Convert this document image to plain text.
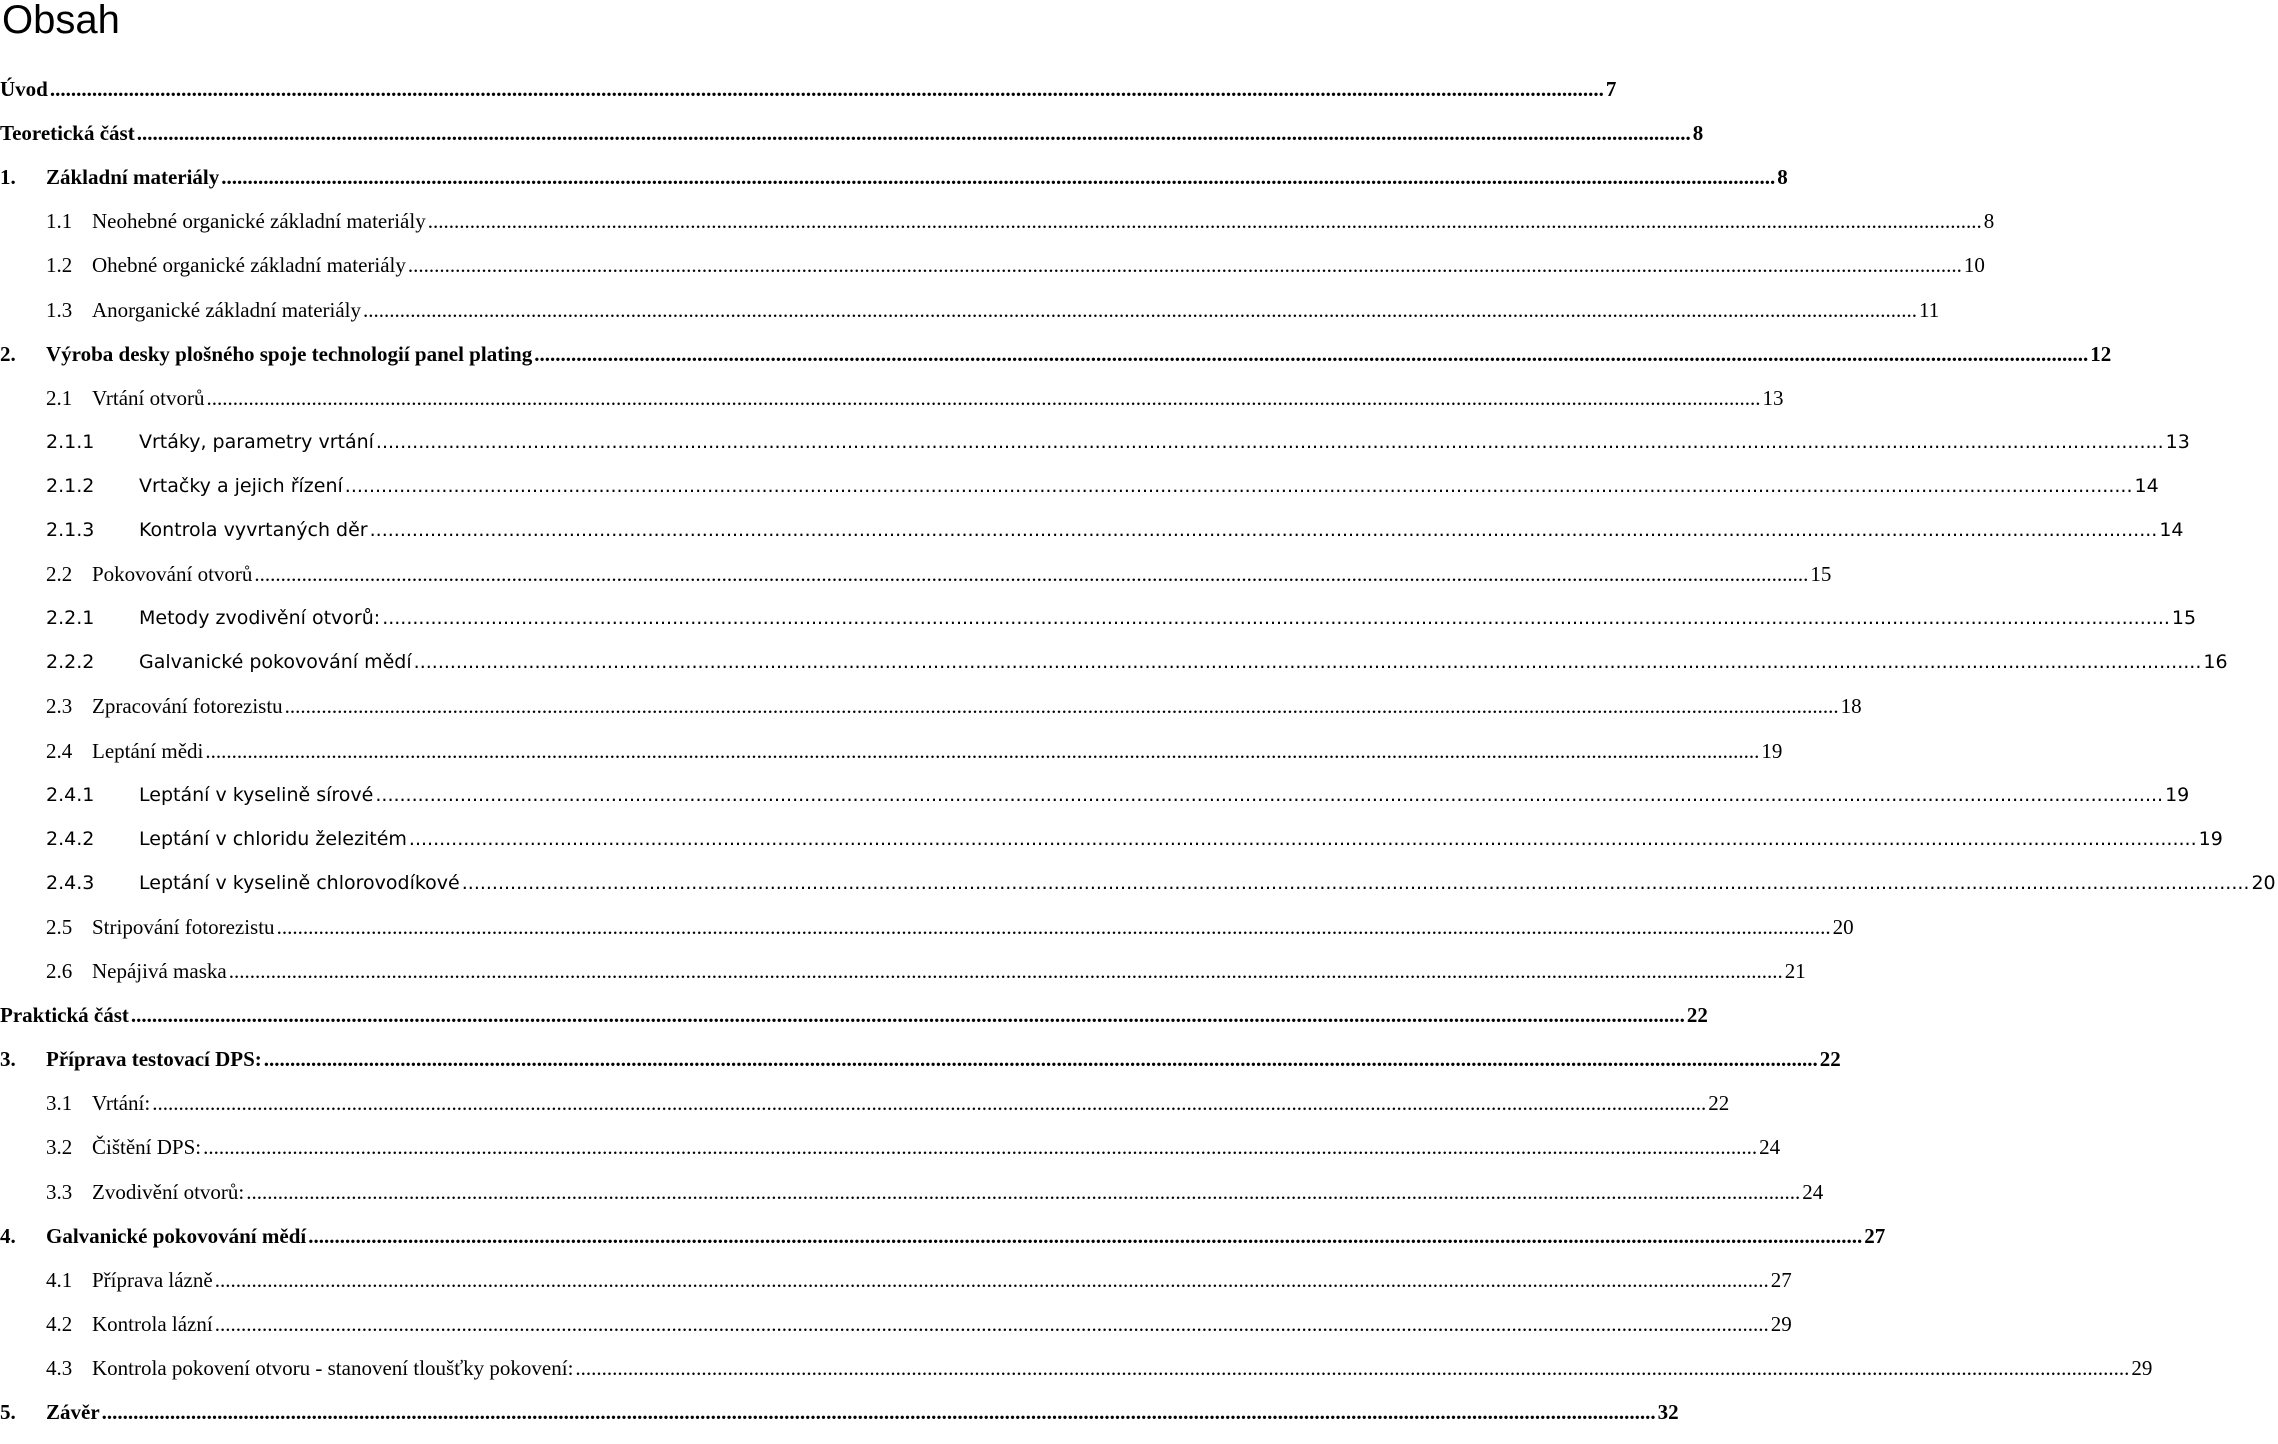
Obsah
Úvod .....	7
Teoretická část .....	8
1.	Základní materiály .....	8
1.1 Neohebné organické základní materiály .....	8
1.2 Ohebné organické základní materiály .....	10
1.3 Anorganické základní materiály .....	11
2.	Výroba desky plošného spoje technologií panel plating .....	12
2.1 Vrtání otvorů .....	13
2.1.1	Vrtáky, parametry vrtání .....	13
2.1.2	Vrtačky a jejich řízení .....	14
2.1.3	Kontrola vyvrtaných děr .....	14
2.2 Pokovování otvorů .....	15
2.2.1	Metody zvodivění otvorů: .....	15
2.2.2	Galvanické pokovování mědí .....	16
2.3 Zpracování fotorezistu .....	18
2.4 Leptání mědi .....	19
2.4.1	Leptání v kyselině sírové .....	19
2.4.2	Leptání v chloridu železitém .....	19
2.4.3	Leptání v kyselině chlorovodíkové .....	20
2.5 Stripování fotorezistu .....	20
2.6 Nepájivá maska .....	21
Praktická část .....	22
3.	Příprava testovací DPS: .....	22
3.1 Vrtání: .....	22
3.2 Čištění DPS: .....	24
3.3 Zvodivění otvorů: .....	24
4.	Galvanické pokovování mědí .....	27
4.1 Příprava lázně .....	27
4.2 Kontrola lázní .....	29
4.3 Kontrola pokovení otvoru - stanovení tloušťky pokovení: .....	29
5.	Závěr .....	32
